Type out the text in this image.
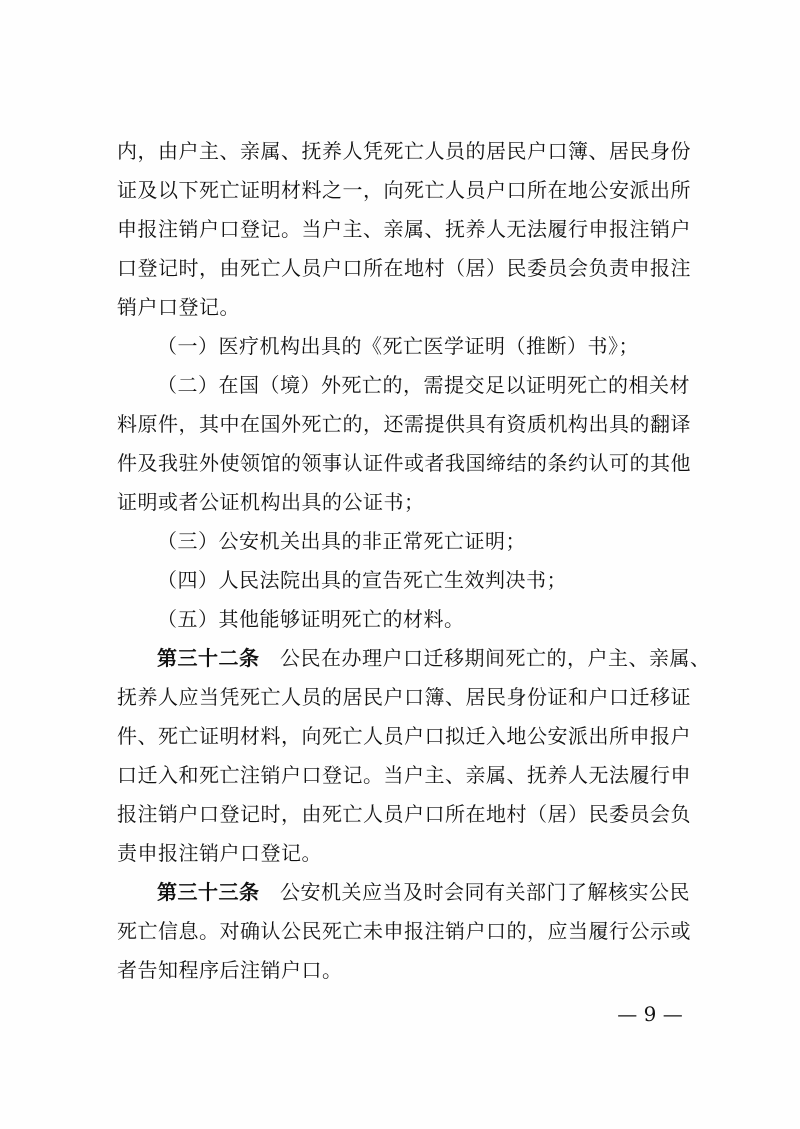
内，由户主、亲属、抚养人凭死亡人员的居民户口簿、居民身份
证及以下死亡证明材料之一，向死亡人员户口所在地公安派出所
申报注销户口登记。当户主、亲属、抚养人无法履行申报注销户
口登记时，由死亡人员户口所在地村（居）民委员会负责申报注
销户口登记。
（一）医疗机构出具的《死亡医学证明（推断）书》；
（二）在国（境）外死亡的，需提交足以证明死亡的相关材
料原件，其中在国外死亡的，还需提供具有资质机构出具的翻译
件及我驻外使领馆的领事认证件或者我国缔结的条约认可的其他
证明或者公证机构出具的公证书；
（三）公安机关出具的非正常死亡证明；
（四）人民法院出具的宣告死亡生效判决书；
（五）其他能够证明死亡的材料。
第三十二条　 公民在办理户口迁移期间死亡的，户主、亲属、
抚养人应当凭死亡人员的居民户口簿、居民身份证和户口迁移证
件、死亡证明材料，向死亡人员户口拟迁入地公安派出所申报户
口迁入和死亡注销户口登记。当户主、亲属、抚养人无法履行申
报注销户口登记时，由死亡人员户口所在地村（居）民委员会负
责申报注销户口登记。
第三十三条　 公安机关应当及时会同有关部门了解核实公民
死亡信息。对确认公民死亡未申报注销户口的，应当履行公示或
者告知程序后注销户口。
— 9 —
